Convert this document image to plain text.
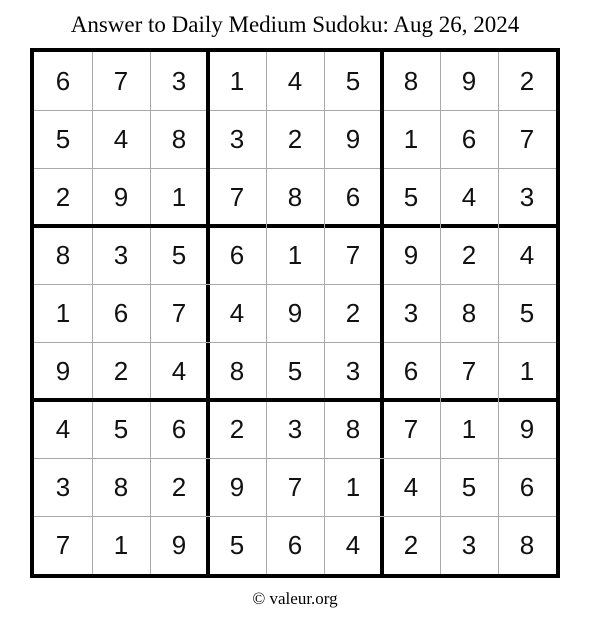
Answer to Daily Medium Sudoku: Aug 26, 2024
6	7	3	1	4	5	8	9	2
5	4	8	3	2	9	1	6	7
2	9	1	7	8	6	5	4	3
8	3	5	6	1	7	9	2	4
1	6	7	4	9	2	3	8	5
9	2	4	8	5	3	6	7	1
4	5	6	2	3	8	7	1	9
3	8	2	9	7	1	4	5	6
7	1	9	5	6	4	2	3	8
© valeur.org
